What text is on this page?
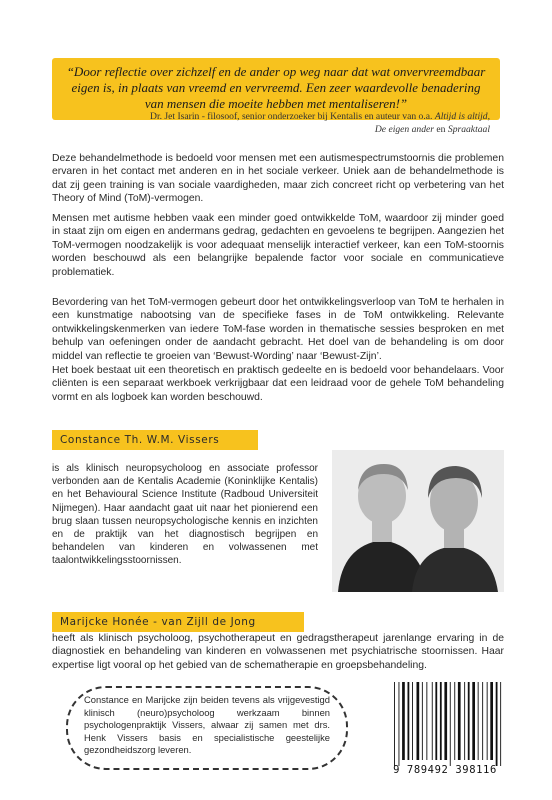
“Door reflectie over zichzelf en de ander op weg naar dat wat onvervreemdbaar eigen is, in plaats van vreemd en vervreemd. Een zeer waardevolle benadering van mensen die moeite hebben met mentaliseren!”

Dr. Jet Isarin - filosoof, senior onderzoeker bij Kentalis en auteur van o.a. Altijd is altijd,
De eigen ander en Spraaktaal

Deze behandelmethode is bedoeld voor mensen met een autismespectrumstoornis die problemen ervaren in het contact met anderen en in het sociale verkeer. Uniek aan de behandelmethode is dat zij geen training is van sociale vaardigheden, maar zich concreet richt op verbetering van het Theory of Mind (ToM)-vermogen.

Mensen met autisme hebben vaak een minder goed ontwikkelde ToM, waardoor zij minder goed in staat zijn om eigen en andermans gedrag, gedachten en gevoelens te begrijpen. Aangezien het ToM-vermogen noodzakelijk is voor adequaat menselijk interactief verkeer, kan een ToM-stoornis worden beschouwd als een belangrijke bepalende factor voor sociale en communicatieve problematiek.

Bevordering van het ToM-vermogen gebeurt door het ontwikkelingsverloop van ToM te herhalen in een kunstmatige nabootsing van de specifieke fases in de ToM ontwikkeling. Relevante ontwikkelingskenmerken van iedere ToM-fase worden in thematische sessies besproken en met behulp van oefeningen onder de aandacht gebracht. Het doel van de behandeling is om door middel van reflectie te groeien van ‘Bewust-Wording’ naar ‘Bewust-Zijn’.

Het boek bestaat uit een theoretisch en praktisch gedeelte en is bedoeld voor behandelaars. Voor cliënten is een separaat werkboek verkrijgbaar dat een leidraad voor de gehele ToM behandeling vormt en als logboek kan worden beschouwd.

Constance Th. W.M. Vissers

is als klinisch neuropsycholoog en associate professor verbonden aan de Kentalis Academie (Koninklijke Kentalis) en het Behavioural Science Institute (Radboud Universiteit Nijmegen). Haar aandacht gaat uit naar het pionierend een brug slaan tussen neuropsychologische kennis en inzichten en de praktijk van het diagnostisch begrijpen en behandelen van kinderen en volwassenen met taalontwikkelingsstoornissen.

Marijcke Honée - van Zijll de Jong

heeft als klinisch psycholoog, psychotherapeut en gedragstherapeut jarenlange ervaring in de diagnostiek en behandeling van kinderen en volwassenen met psychiatrische stoornissen. Haar expertise ligt vooral op het gebied van de schematherapie en groepsbehandeling.

Constance en Marijcke zijn beiden tevens als vrijgevestigd klinisch (neuro)psycholoog werkzaam binnen psychologenpraktijk Vissers, alwaar zij samen met drs. Henk Vissers basis en specialistische geestelijke gezondheidszorg leveren.

9 789492 398116
